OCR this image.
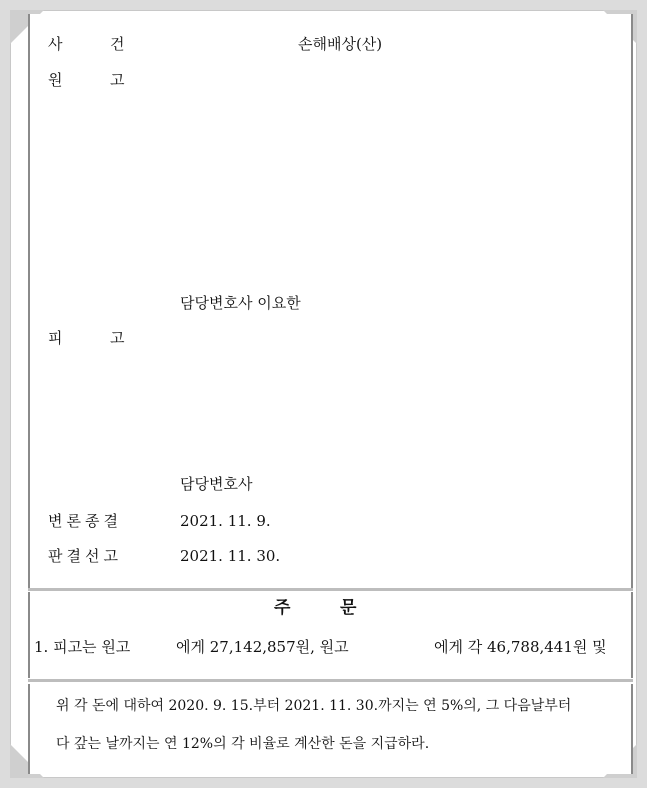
사	건	손해배상(산)
원	고
담당변호사 이요한
피	고
담당변호사
변론종결	2021. 11. 9.
판결선고	2021. 11. 30.
주	문
1. 피고는 원고	에게 27,142,857원, 원고	에게 각 46,788,441원 및
위 각 돈에 대하여 2020. 9. 15.부터 2021. 11. 30.까지는 연 5%의, 그 다음날부터
다 갚는 날까지는 연 12%의 각 비율로 계산한 돈을 지급하라.
